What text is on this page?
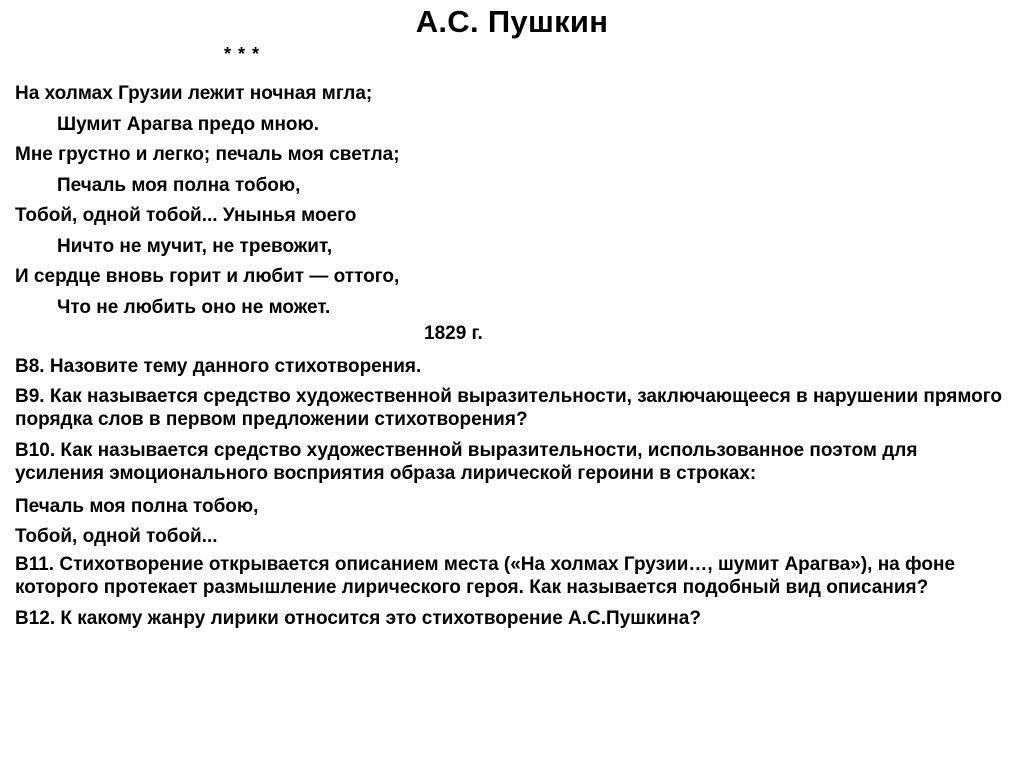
А.С. Пушкин
* * *
На холмах Грузии лежит ночная мгла;
Шумит Арагва предо мною.
Мне грустно и легко; печаль моя светла;
Печаль моя полна тобою,
Тобой, одной тобой... Унынья моего
Ничто не мучит, не тревожит,
И сердце вновь горит и любит — оттого,
Что не любить оно не может.
1829 г.
В8. Назовите тему данного стихотворения.
В9. Как называется средство художественной выразительности, заключающееся в нарушении прямого порядка слов в первом предложении стихотворения?
В10. Как называется средство художественной выразительности, использованное поэтом для усиления эмоционального восприятия образа лирической героини в строках:
Печаль моя полна тобою,
Тобой, одной тобой...
В11. Стихотворение открывается описанием места («На холмах Грузии…, шумит Арагва»), на фоне которого протекает размышление лирического героя. Как называется подобный вид описания?
В12. К какому жанру лирики относится это стихотворение А.С.Пушкина?
